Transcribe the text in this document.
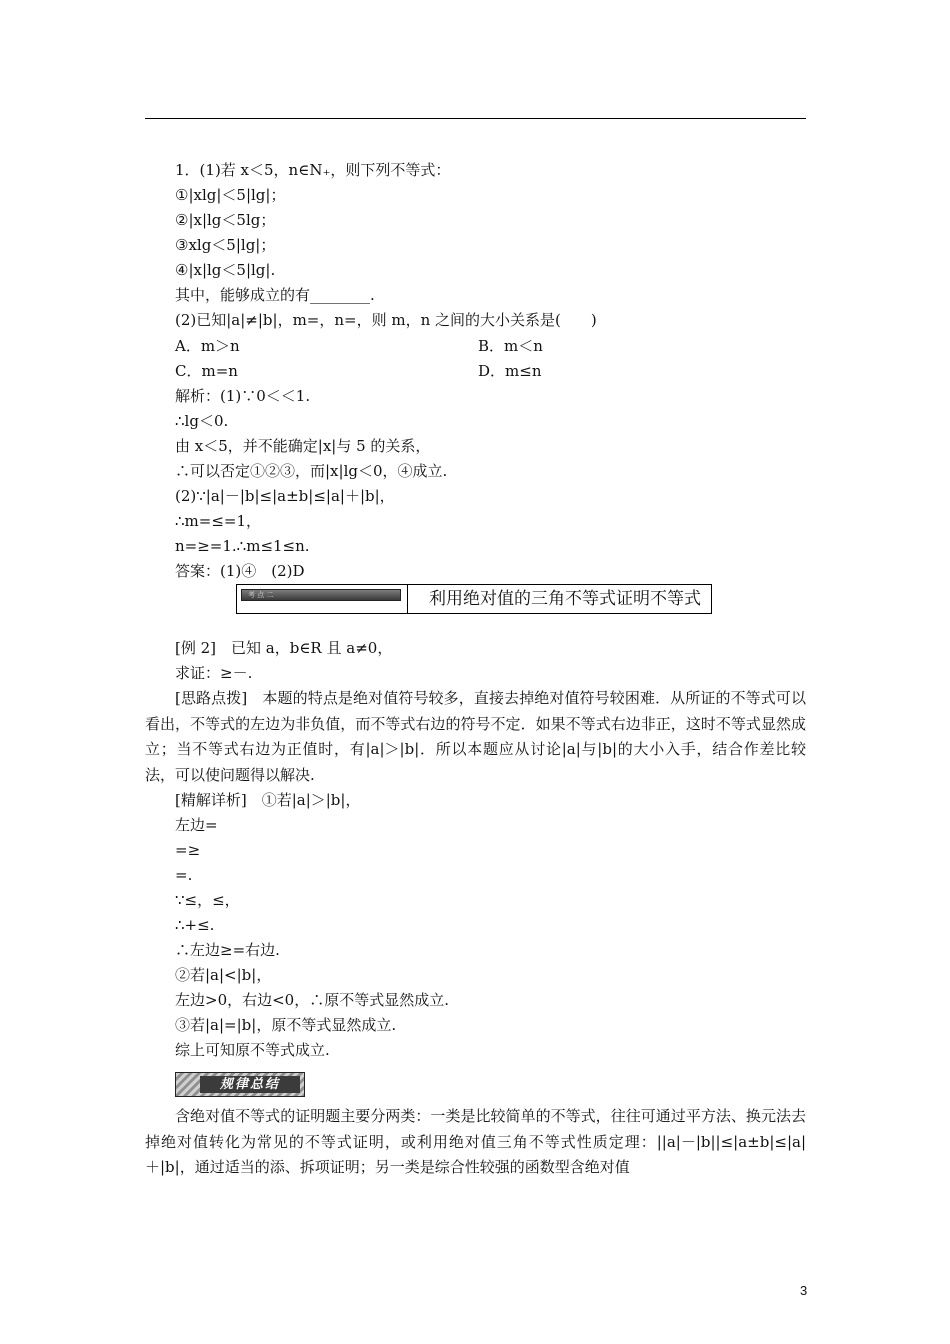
1．(1)若 x＜5，n∈N₊，则下列不等式：
①|xlg|＜5|lg|；
②|x|lg＜5lg；
③xlg＜5|lg|；
④|x|lg＜5|lg|.
其中，能够成立的有________.
(2)已知|a|≠|b|，m=，n=，则 m，n 之间的大小关系是(　　)
A．m＞n	B．m＜n
C．m=n	D．m≤n
解析：(1)∵0＜＜1.
∴lg＜0.
由 x＜5，并不能确定|x|与 5 的关系，
∴可以否定①②③，而|x|lg＜0，④成立.
(2)∵|a|－|b|≤|a±b|≤|a|＋|b|，
∴m=≤=1，
n=≥=1.∴m≤1≤n.
答案：(1)④　(2)D
考 点 二	利用绝对值的三角不等式证明不等式
[例 2]　已知 a，b∈R 且 a≠0，
求证：≥－.
[思路点拨]　本题的特点是绝对值符号较多，直接去掉绝对值符号较困难．从所证的不等式可以看出，不等式的左边为非负值，而不等式右边的符号不定．如果不等式右边非正，这时不等式显然成立；当不等式右边为正值时，有|a|＞|b|．所以本题应从讨论|a|与|b|的大小入手，结合作差比较法，可以使问题得以解决.
[精解详析]　①若|a|＞|b|，
左边=
=≥
=.
∵≤，≤，
∴+≤.
∴左边≥=右边.
②若|a|<|b|，
左边>0，右边<0，∴原不等式显然成立.
③若|a|=|b|，原不等式显然成立.
综上可知原不等式成立.
规律总结
含绝对值不等式的证明题主要分两类：一类是比较简单的不等式，往往可通过平方法、换元法去掉绝对值转化为常见的不等式证明，或利用绝对值三角不等式性质定理：||a|－|b||≤|a±b|≤|a|＋|b|，通过适当的添、拆项证明；另一类是综合性较强的函数型含绝对值
3
